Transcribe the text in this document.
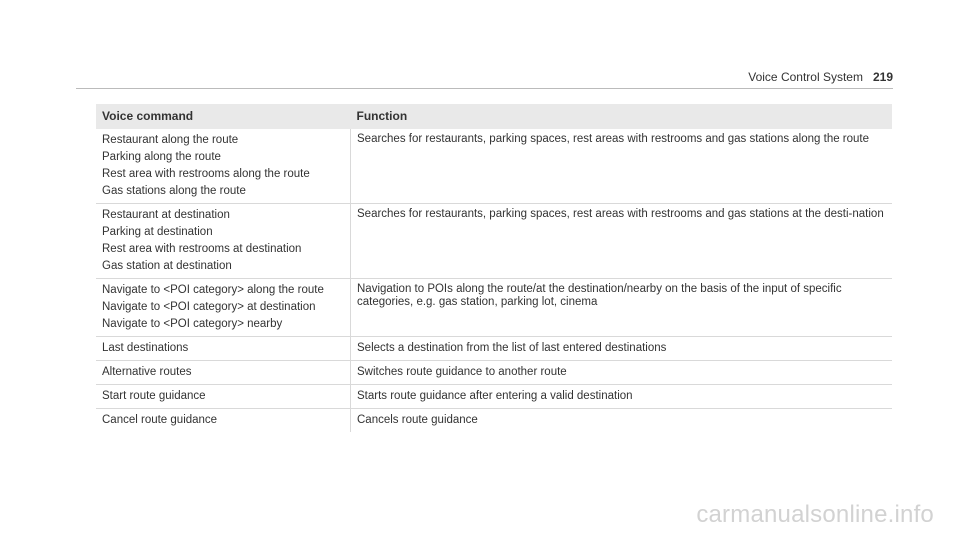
Voice Control System 219
Voice command	Function

Restaurant along the route
Parking along the route
Rest area with restrooms along the route
Gas stations along the route	Searches for restaurants, parking spaces, rest areas with restrooms and gas stations along the route

Restaurant at destination
Parking at destination
Rest area with restrooms at destination
Gas station at destination	Searches for restaurants, parking spaces, rest areas with restrooms and gas stations at the desti-nation

Navigate to <POI category> along the route
Navigate to <POI category> at destination
Navigate to <POI category> nearby	Navigation to POIs along the route/at the destination/nearby on the basis of the input of specific categories, e.g. gas station, parking lot, cinema

Last destinations	Selects a destination from the list of last entered destinations

Alternative routes	Switches route guidance to another route

Start route guidance	Starts route guidance after entering a valid destination

Cancel route guidance	Cancels route guidance
carmanualsonline.info
